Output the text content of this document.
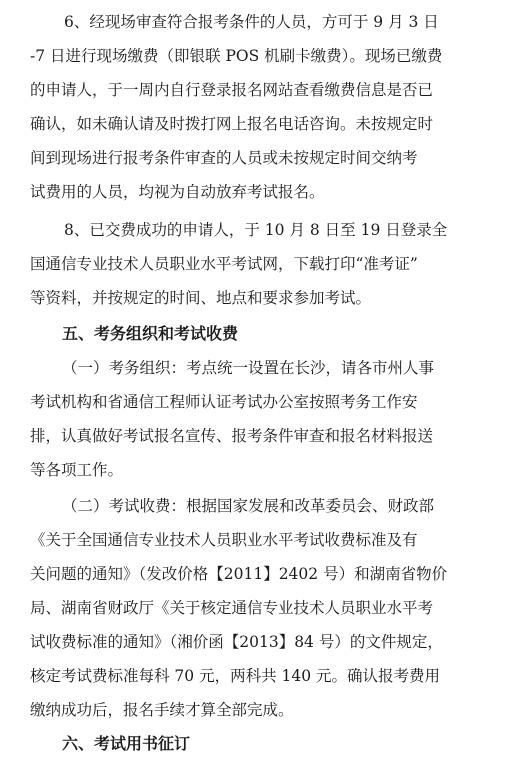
6、经现场审查符合报考条件的人员，方可于 9 月 3 日
-7 日进行现场缴费（即银联 POS 机刷卡缴费）。现场已缴费
的申请人，于一周内自行登录报名网站查看缴费信息是否已
确认，如未确认请及时拨打网上报名电话咨询。未按规定时
间到现场进行报考条件审查的人员或未按规定时间交纳考
试费用的人员，均视为自动放弃考试报名。
8、已交费成功的申请人，于 10 月 8 日至 19 日登录全
国通信专业技术人员职业水平考试网，下载打印“准考证”
等资料，并按规定的时间、地点和要求参加考试。
五、考务组织和考试收费
（一）考务组织：考点统一设置在长沙，请各市州人事
考试机构和省通信工程师认证考试办公室按照考务工作安
排，认真做好考试报名宣传、报考条件审查和报名材料报送
等各项工作。
（二）考试收费：根据国家发展和改革委员会、财政部
《关于全国通信专业技术人员职业水平考试收费标准及有
关问题的通知》（发改价格【2011】2402 号）和湖南省物价
局、湖南省财政厅《关于核定通信专业技术人员职业水平考
试收费标准的通知》（湘价函【2013】84 号）的文件规定，
核定考试费标准每科 70 元，两科共 140 元。确认报考费用
缴纳成功后，报名手续才算全部完成。
六、考试用书征订
